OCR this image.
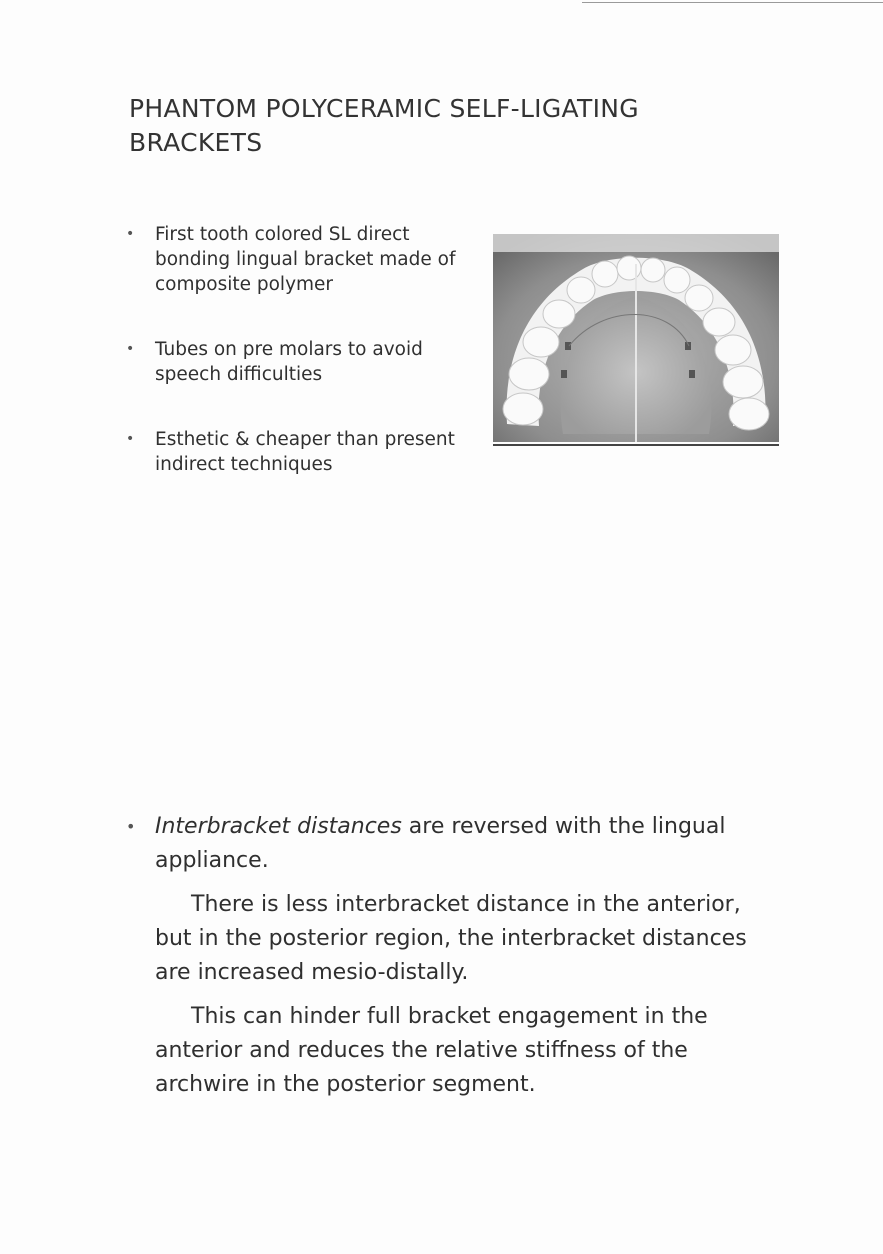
PHANTOM POLYCERAMIC SELF-LIGATING BRACKETS
• First tooth colored SL direct bonding lingual bracket made of composite polymer
• Tubes on pre molars to avoid speech difficulties
• Esthetic & cheaper than present indirect techniques
• Interbracket distances are reversed with the lingual appliance.
There is less interbracket distance in the anterior, but in the posterior region, the interbracket distances are increased mesio-distally.
This can hinder full bracket engagement in the anterior and reduces the relative stiffness of the archwire in the posterior segment.
